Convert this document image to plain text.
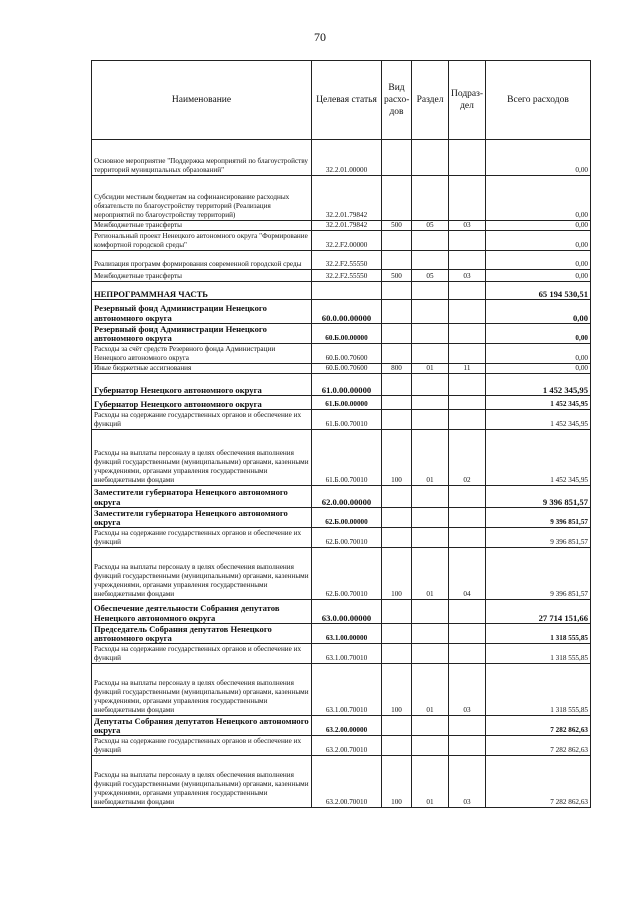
70
Наименование	Целевая статья	Вид расхо-дов	Раздел	Подраз-дел	Всего расходов
Основное мероприятие "Поддержка мероприятий по благоустройству территорий муниципальных образований"	32.2.01.00000				0,00
Субсидии местным бюджетам на софинансирование расходных обязательств по благоустройству территорий (Реализация мероприятий по благоустройству территорий)	32.2.01.79842				0,00
Межбюджетные трансферты	32.2.01.79842	500	05	03	0,00
Региональный проект Ненецкого автономного округа "Формирование комфортной городской среды"	32.2.F2.00000				0,00
Реализация программ формирования современной городской среды	32.2.F2.55550				0,00
Межбюджетные трансферты	32.2.F2.55550	500	05	03	0,00
НЕПРОГРАММНАЯ ЧАСТЬ					65 194 530,51
Резервный фонд Администрации Ненецкого автономного округа	60.0.00.00000				0,00
Резервный фонд Администрации Ненецкого автономного округа	60.Б.00.00000				0,00
Расходы за счёт средств Резервного фонда Администрации Ненецкого автономного округа	60.Б.00.70600				0,00
Иные бюджетные ассигнования	60.Б.00.70600	800	01	11	0,00
Губернатор Ненецкого автономного округа	61.0.00.00000				1 452 345,95
Губернатор Ненецкого автономного округа	61.Б.00.00000				1 452 345,95
Расходы на содержание государственных органов и обеспечение их функций	61.Б.00.70010				1 452 345,95
Расходы на выплаты персоналу в целях обеспечения выполнения функций государственными (муниципальными) органами, казенными учреждениями, органами управления государственными внебюджетными фондами	61.Б.00.70010	100	01	02	1 452 345,95
Заместители губернатора Ненецкого автономного округа	62.0.00.00000				9 396 851,57
Заместители губернатора Ненецкого автономного округа	62.Б.00.00000				9 396 851,57
Расходы на содержание государственных органов и обеспечение их функций	62.Б.00.70010				9 396 851,57
Расходы на выплаты персоналу в целях обеспечения выполнения функций государственными (муниципальными) органами, казенными учреждениями, органами управления государственными внебюджетными фондами	62.Б.00.70010	100	01	04	9 396 851,57
Обеспечение деятельности Собрания депутатов Ненецкого автономного округа	63.0.00.00000				27 714 151,66
Председатель Собрания депутатов Ненецкого автономного округа	63.1.00.00000				1 318 555,85
Расходы на содержание государственных органов и обеспечение их функций	63.1.00.70010				1 318 555,85
Расходы на выплаты персоналу в целях обеспечения выполнения функций государственными (муниципальными) органами, казенными учреждениями, органами управления государственными внебюджетными фондами	63.1.00.70010	100	01	03	1 318 555,85
Депутаты Собрания депутатов Ненецкого автономного округа	63.2.00.00000				7 282 862,63
Расходы на содержание государственных органов и обеспечение их функций	63.2.00.70010				7 282 862,63
Расходы на выплаты персоналу в целях обеспечения выполнения функций государственными (муниципальными) органами, казенными учреждениями, органами управления государственными внебюджетными фондами	63.2.00.70010	100	01	03	7 282 862,63
